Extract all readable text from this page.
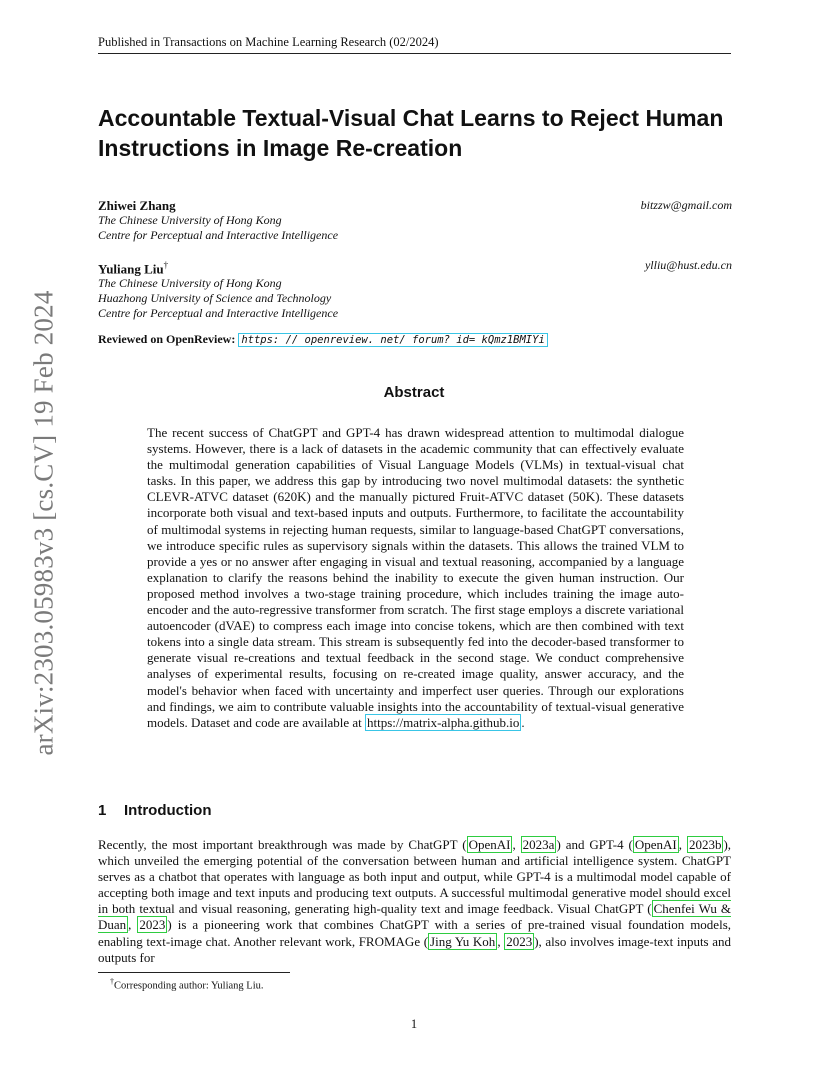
Published in Transactions on Machine Learning Research (02/2024)
arXiv:2303.05983v3 [cs.CV] 19 Feb 2024
Accountable Textual-Visual Chat Learns to Reject Human Instructions in Image Re-creation
Zhiwei Zhang	bitzzw@gmail.com
The Chinese University of Hong Kong
Centre for Perceptual and Interactive Intelligence
Yuliang Liu†	ylliu@hust.edu.cn
The Chinese University of Hong Kong
Huazhong University of Science and Technology
Centre for Perceptual and Interactive Intelligence
Reviewed on OpenReview: https: // openreview. net/ forum? id= kQmz1BMIYi
Abstract

The recent success of ChatGPT and GPT-4 has drawn widespread attention to multimodal dialogue systems. However, there is a lack of datasets in the academic community that can effectively evaluate the multimodal generation capabilities of Visual Language Models (VLMs) in textual-visual chat tasks. In this paper, we address this gap by introducing two novel multimodal datasets: the synthetic CLEVR-ATVC dataset (620K) and the manually pictured Fruit-ATVC dataset (50K). These datasets incorporate both visual and text-based inputs and outputs. Furthermore, to facilitate the accountability of multimodal systems in rejecting human requests, similar to language-based ChatGPT conversations, we introduce specific rules as supervisory signals within the datasets. This allows the trained VLM to provide a yes or no answer after engaging in visual and textual reasoning, accompanied by a language explanation to clarify the reasons behind the inability to execute the given human instruction. Our proposed method involves a two-stage training procedure, which includes training the image auto-encoder and the auto-regressive transformer from scratch. The first stage employs a discrete variational autoencoder (dVAE) to compress each image into concise tokens, which are then combined with text tokens into a single data stream. This stream is subsequently fed into the decoder-based transformer to generate visual re-creations and textual feedback in the second stage. We conduct comprehensive analyses of experimental results, focusing on re-created image quality, answer accuracy, and the model's behavior when faced with uncertainty and imperfect user queries. Through our explorations and findings, we aim to contribute valuable insights into the accountability of textual-visual generative models. Dataset and code are available at https://matrix-alpha.github.io .

1 Introduction

Recently, the most important breakthrough was made by ChatGPT ( OpenAI , 2023a ) and GPT-4 ( OpenAI , 2023b ), which unveiled the emerging potential of the conversation between human and artificial intelligence system. ChatGPT serves as a chatbot that operates with language as both input and output, while GPT-4 is a multimodal model capable of accepting both image and text inputs and producing text outputs. A successful multimodal generative model should excel in both textual and visual reasoning, generating high-quality text and image feedback. Visual ChatGPT ( Chenfei Wu & Duan , 2023 ) is a pioneering work that combines ChatGPT with a series of pre-trained visual foundation models, enabling text-image chat. Another relevant work, FROMAGe ( Jing Yu Koh , 2023 ), also involves image-text inputs and outputs for

†Corresponding author: Yuliang Liu.
1
